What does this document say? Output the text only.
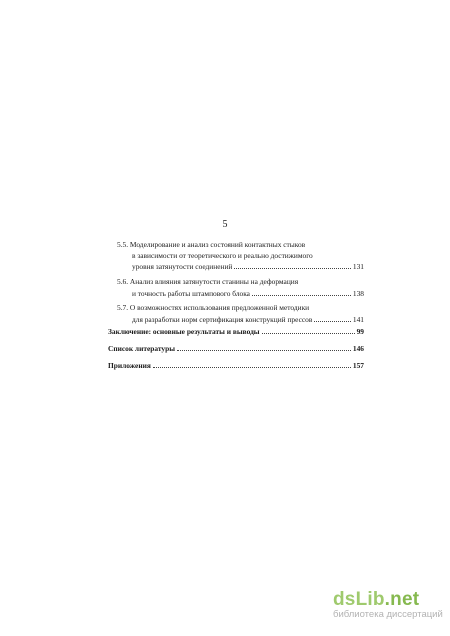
5
5.5. Моделирование и анализ состояний контактных стыков
в зависимости от теоретического и реально достижимого
уровня затянутости соединений	131
5.6. Анализ влияния затянутости станины на деформация
и точность работы штампового блока	138
5.7. О возможностях использования предложенной методики
для разработки норм сертификация конструкций прессов	141
Заключение: основные результаты и выводы	99
Список литературы	146
Приложения	157
dsLib.net
библиотека диссертаций
